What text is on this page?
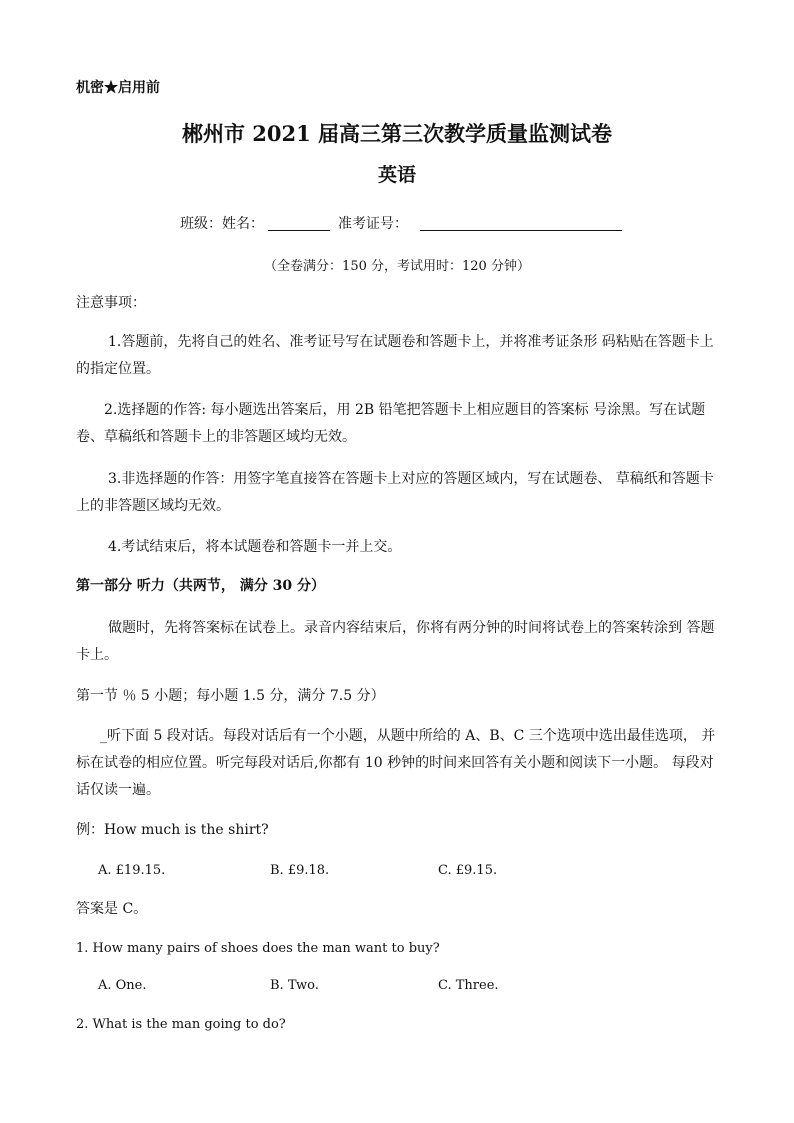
机密★启用前
郴州市 2021 届高三第三次教学质量监测试卷
英语
班级：姓名：	准考证号：
（全卷满分：150 分，考试用时：120 分钟）
注意事项：
1.答题前，先将自己的姓名、准考证号写在试题卷和答题卡上，并将准考证条形 码粘贴在答题卡上的指定位置。
2.选择题的作答: 每小题选出答案后，用 2B 铅笔把答题卡上相应题目的答案标 号涂黑。写在试题卷、草稿纸和答题卡上的非答题区域均无效。
3.非选择题的作答：用签字笔直接答在答题卡上对应的答题区域内，写在试题卷、 草稿纸和答题卡上的非答题区域均无效。
4.考试结束后，将本试题卷和答题卡一并上交。
第一部分 听力（共两节， 满分 30 分）
做题时，先将答案标在试卷上。录音内容结束后，你将有两分钟的时间将试卷上的答案转涂到 答题卡上。
第一节 ％ 5 小题；每小题 1.5 分，满分 7.5 分）
_听下面 5 段对话。每段对话后有一个小题，从题中所给的 A、B、C 三个选项中选出最佳选项， 并标在试卷的相应位置。听完每段对话后,你都有 10 秒钟的时间来回答有关小题和阅读下一小题。 每段对话仅读一遍。
例：How much is the shirt?
A. £19.15.	B. £9.18.	C. £9.15.
答案是 C。
1. How many pairs of shoes does the man want to buy?
A. One.	B. Two.	C. Three.
2. What is the man going to do?
